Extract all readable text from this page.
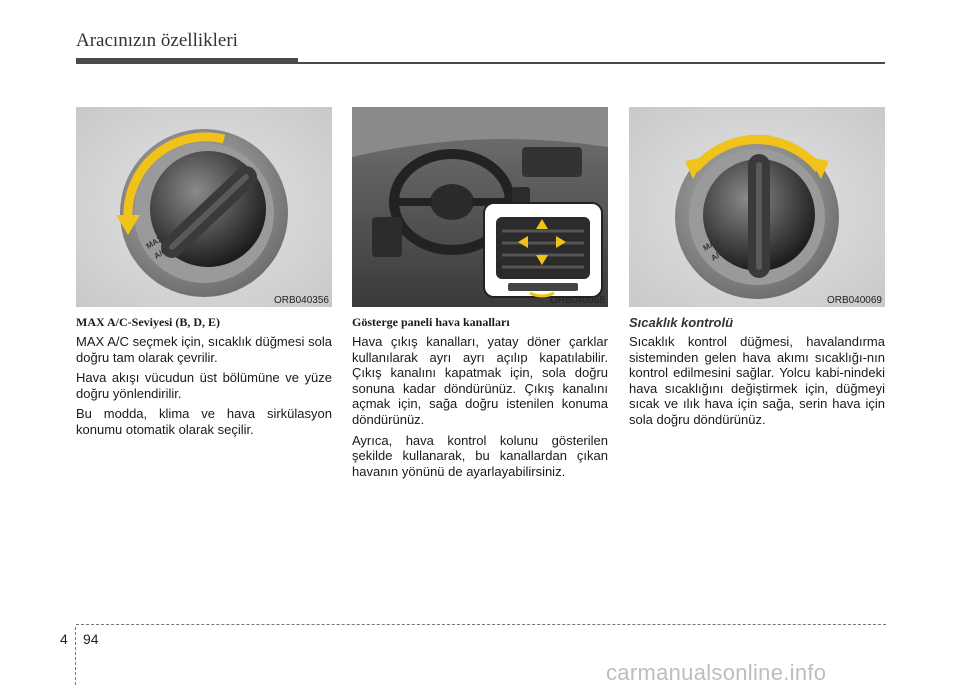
Aracınızın özellikleri
MAX
A/C
ORB040356
MAX A/C-Seviyesi (B, D, E)

MAX A/C seçmek için, sıcaklık düğmesi sola doğru tam olarak çevrilir.

Hava akışı vücudun üst bölümüne ve yüze doğru yönlendirilir.

Bu modda, klima ve hava sirkülasyon konumu otomatik olarak seçilir.

ORB040068
Gösterge paneli hava kanalları

Hava çıkış kanalları, yatay döner çarklar kullanılarak ayrı ayrı açılıp kapatılabilir. Çıkış kanalını kapatmak için, sola doğru sonuna kadar döndürünüz. Çıkış kanalını açmak için, sağa doğru istenilen konuma döndürünüz.

Ayrıca, hava kontrol kolunu gösterilen şekilde kullanarak, bu kanallardan çıkan havanın yönünü de ayarlayabilirsiniz.

MAX
A/C
ORB040069
Sıcaklık kontrolü

Sıcaklık kontrol düğmesi, havalandırma sisteminden gelen hava akımı sıcaklığı-nın kontrol edilmesini sağlar. Yolcu kabi-nindeki hava sıcaklığını değiştirmek için, düğmeyi sıcak ve ılık hava için sağa, serin hava için sola doğru döndürünüz.

4 94
carmanualsonline.info
